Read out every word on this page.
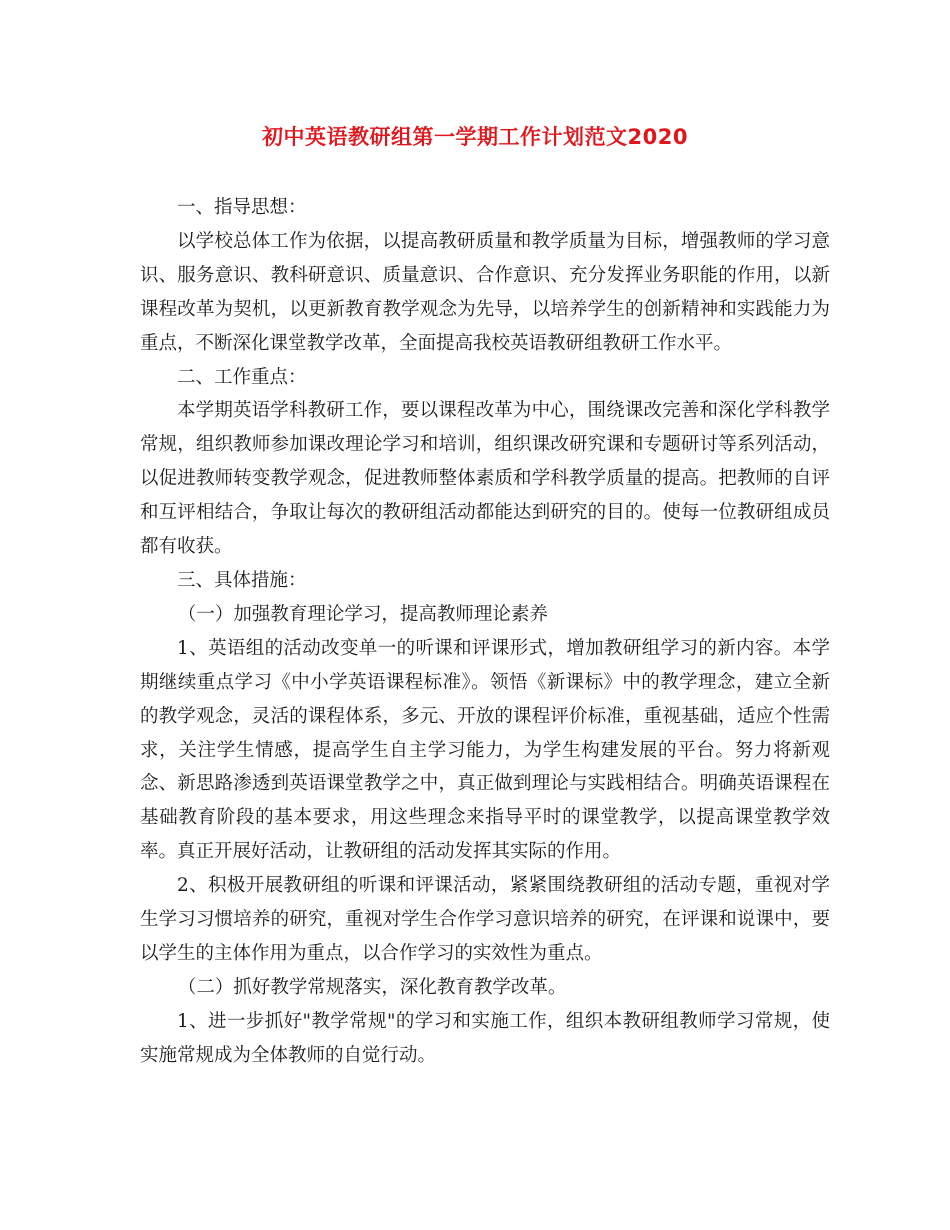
初中英语教研组第一学期工作计划范文2020

一、指导思想：

以学校总体工作为依据，以提高教研质量和教学质量为目标，增强教师的学习意识、服务意识、教科研意识、质量意识、合作意识、充分发挥业务职能的作用，以新课程改革为契机，以更新教育教学观念为先导，以培养学生的创新精神和实践能力为重点，不断深化课堂教学改革，全面提高我校英语教研组教研工作水平。

二、工作重点：

本学期英语学科教研工作，要以课程改革为中心，围绕课改完善和深化学科教学常规，组织教师参加课改理论学习和培训，组织课改研究课和专题研讨等系列活动，以促进教师转变教学观念，促进教师整体素质和学科教学质量的提高。把教师的自评和互评相结合，争取让每次的教研组活动都能达到研究的目的。使每一位教研组成员都有收获。

三、具体措施：

（一）加强教育理论学习，提高教师理论素养

1、英语组的活动改变单一的听课和评课形式，增加教研组学习的新内容。本学期继续重点学习《中小学英语课程标准》。领悟《新课标》中的教学理念，建立全新的教学观念，灵活的课程体系，多元、开放的课程评价标准，重视基础，适应个性需求，关注学生情感，提高学生自主学习能力，为学生构建发展的平台。努力将新观念、新思路渗透到英语课堂教学之中，真正做到理论与实践相结合。明确英语课程在基础教育阶段的基本要求，用这些理念来指导平时的课堂教学，以提高课堂教学效率。真正开展好活动，让教研组的活动发挥其实际的作用。

2、积极开展教研组的听课和评课活动，紧紧围绕教研组的活动专题，重视对学生学习习惯培养的研究，重视对学生合作学习意识培养的研究，在评课和说课中，要以学生的主体作用为重点，以合作学习的实效性为重点。

（二）抓好教学常规落实，深化教育教学改革。

1、进一步抓好"教学常规"的学习和实施工作，组织本教研组教师学习常规，使实施常规成为全体教师的自觉行动。
